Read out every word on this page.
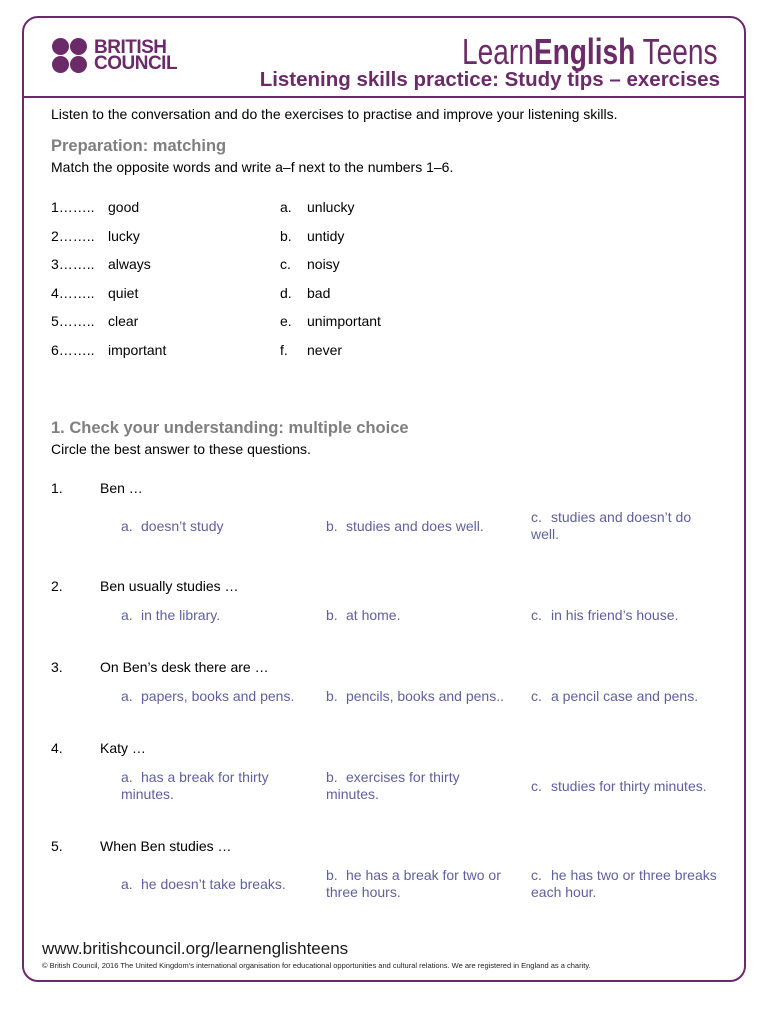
BRITISH
COUNCIL	LearnEnglish Teens
Listening skills practice: Study tips – exercises
Listen to the conversation and do the exercises to practise and improve your listening skills.
Preparation: matching
Match the opposite words and write a–f next to the numbers 1–6.
1…….. good	a. unlucky
2…….. lucky	b. untidy
3…….. always	c. noisy
4…….. quiet	d. bad
5…….. clear	e. unimportant
6…….. important	f. never
1. Check your understanding: multiple choice
Circle the best answer to these questions.
1.	Ben …
a. doesn’t study	b. studies and does well.
c. studies and doesn’t do well.
2.	Ben usually studies …
a. in the library.	b. at home.	c. in his friend’s house.
3.	On Ben’s desk there are …
a. papers, books and pens.	b. pencils, books and pens..	c. a pencil case and pens.
4.	Katy …
a. has a break for thirty minutes.
b. exercises for thirty minutes.
c. studies for thirty minutes.
5.	When Ben studies …
a. he doesn’t take breaks.
b. he has a break for two or three hours.
c. he has two or three breaks each hour.
www.britishcouncil.org/learnenglishteens
© British Council, 2016 The United Kingdom’s international organisation for educational opportunities and cultural relations. We are registered in England as a charity.
